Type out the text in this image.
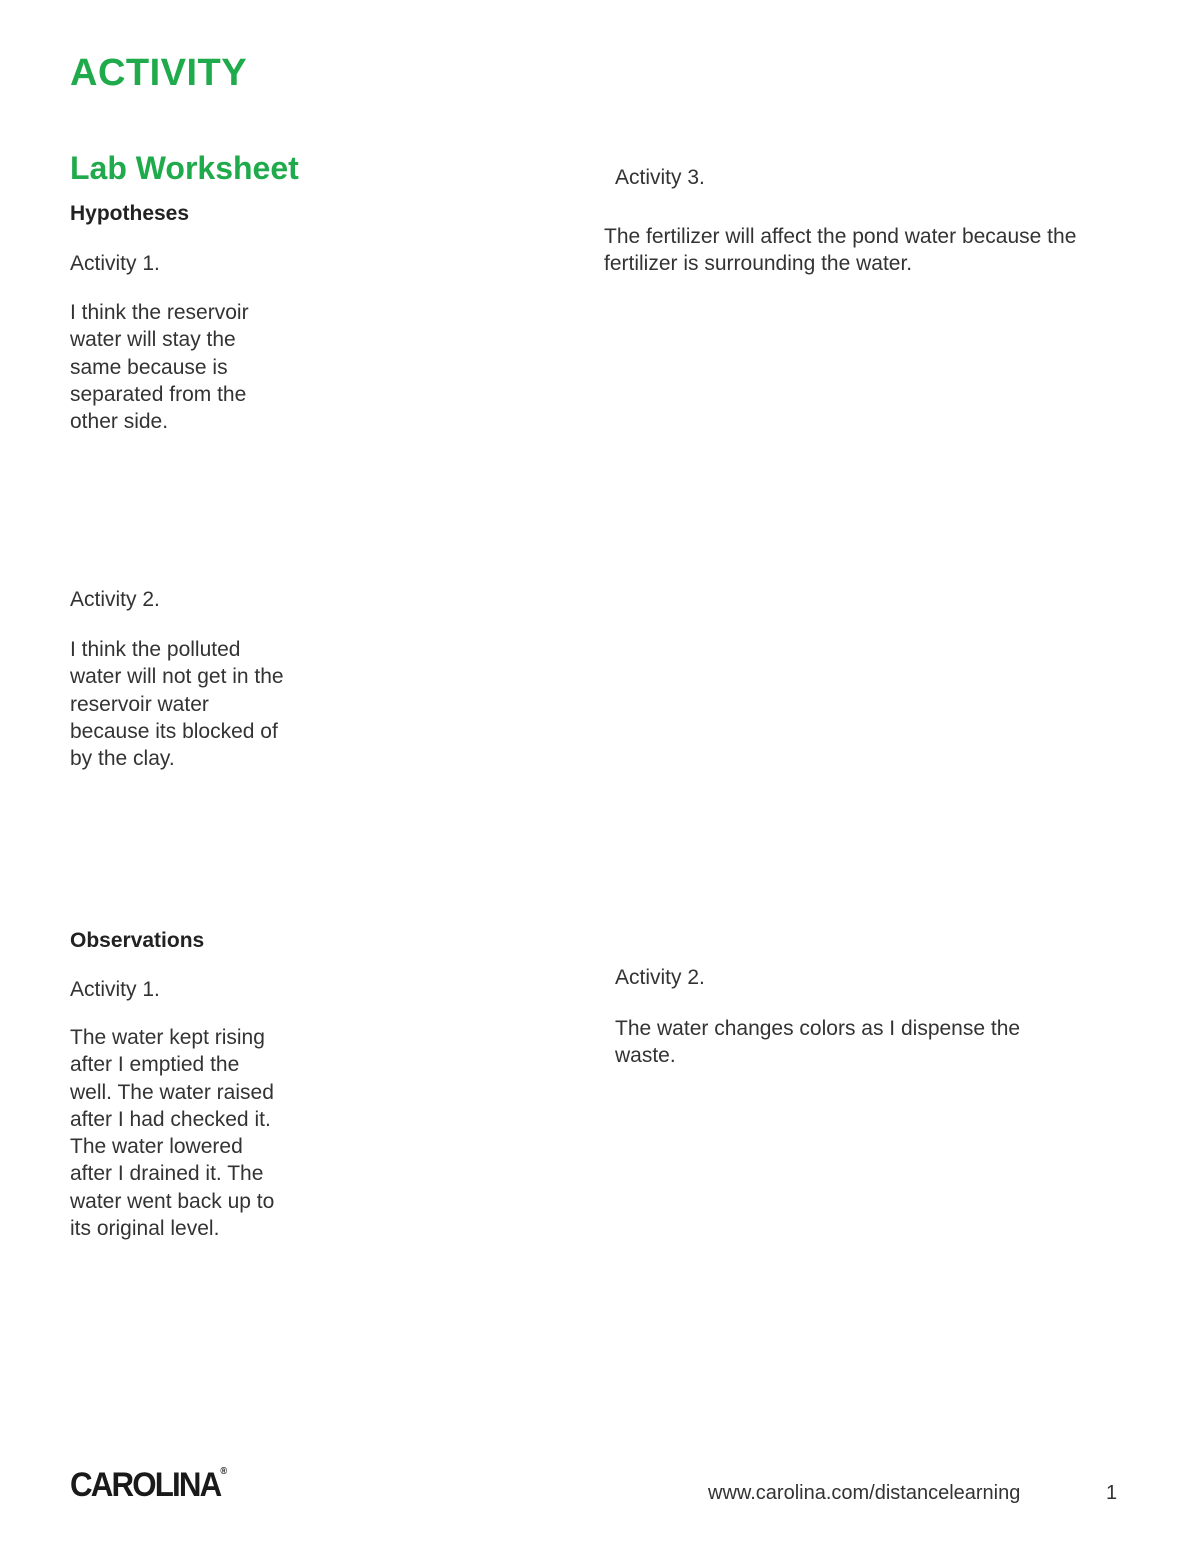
ACTIVITY
Lab Worksheet
Hypotheses
Activity 1.
I think the reservoir
water will stay the
same because is
separated from the
other side.
Activity 2.
I think the polluted
water will not get in the
reservoir water
because its blocked of
by the clay.
Activity 3.
The fertilizer will affect the pond water because the
fertilizer is surrounding the water.
Observations
Activity 1.
The water kept rising
after I emptied the
well. The water raised
after I had checked it.
The water lowered
after I drained it. The
water went back up to
its original level.
Activity 2.
The water changes colors as I dispense the
waste.
CAROLINA®
www.carolina.com/distancelearning	1
